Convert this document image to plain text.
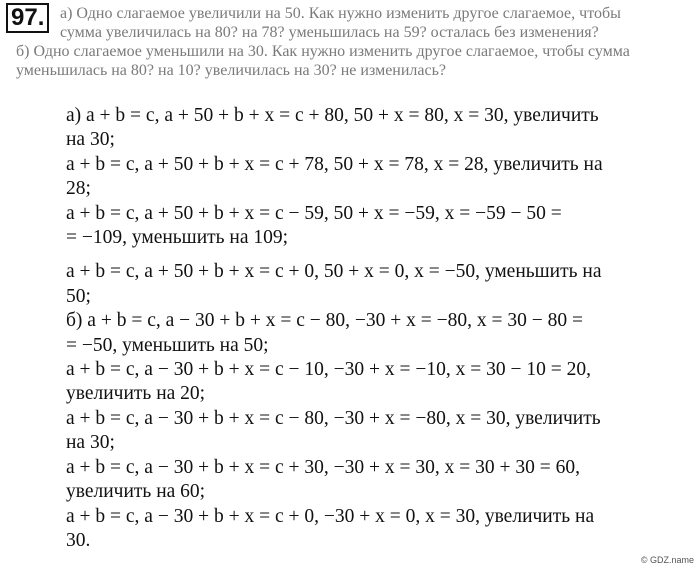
97. а) Одно слагаемое увеличили на 50. Как нужно изменить другое слагаемое, чтобы
сумма увеличилась на 80? на 78? уменьшилась на 59? осталась без изменения?
б) Одно слагаемое уменьшили на 30. Как нужно изменить другое слагаемое, чтобы сумма
уменьшилась на 80? на 10? увеличилась на 30? не изменилась?
а) a + b = c, a + 50 + b + x = c + 80, 50 + x = 80, x = 30, увеличить
на 30;
a + b = c, a + 50 + b + x = c + 78, 50 + x = 78, x = 28, увеличить на
28;
a + b = c, a + 50 + b + x = c − 59, 50 + x = −59, x = −59 − 50 =
= −109, уменьшить на 109;
a + b = c, a + 50 + b + x = c + 0, 50 + x = 0, x = −50, уменьшить на
50;
б) a + b = c, a − 30 + b + x = c − 80, −30 + x = −80, x = 30 − 80 =
= −50, уменьшить на 50;
a + b = c, a − 30 + b + x = c − 10, −30 + x = −10, x = 30 − 10 = 20,
увеличить на 20;
a + b = c, a − 30 + b + x = c − 80, −30 + x = −80, x = 30, увеличить
на 30;
a + b = c, a − 30 + b + x = c + 30, −30 + x = 30, x = 30 + 30 = 60,
увеличить на 60;
a + b = c, a − 30 + b + x = c + 0, −30 + x = 0, x = 30, увеличить на
30.
© GDZ.name
